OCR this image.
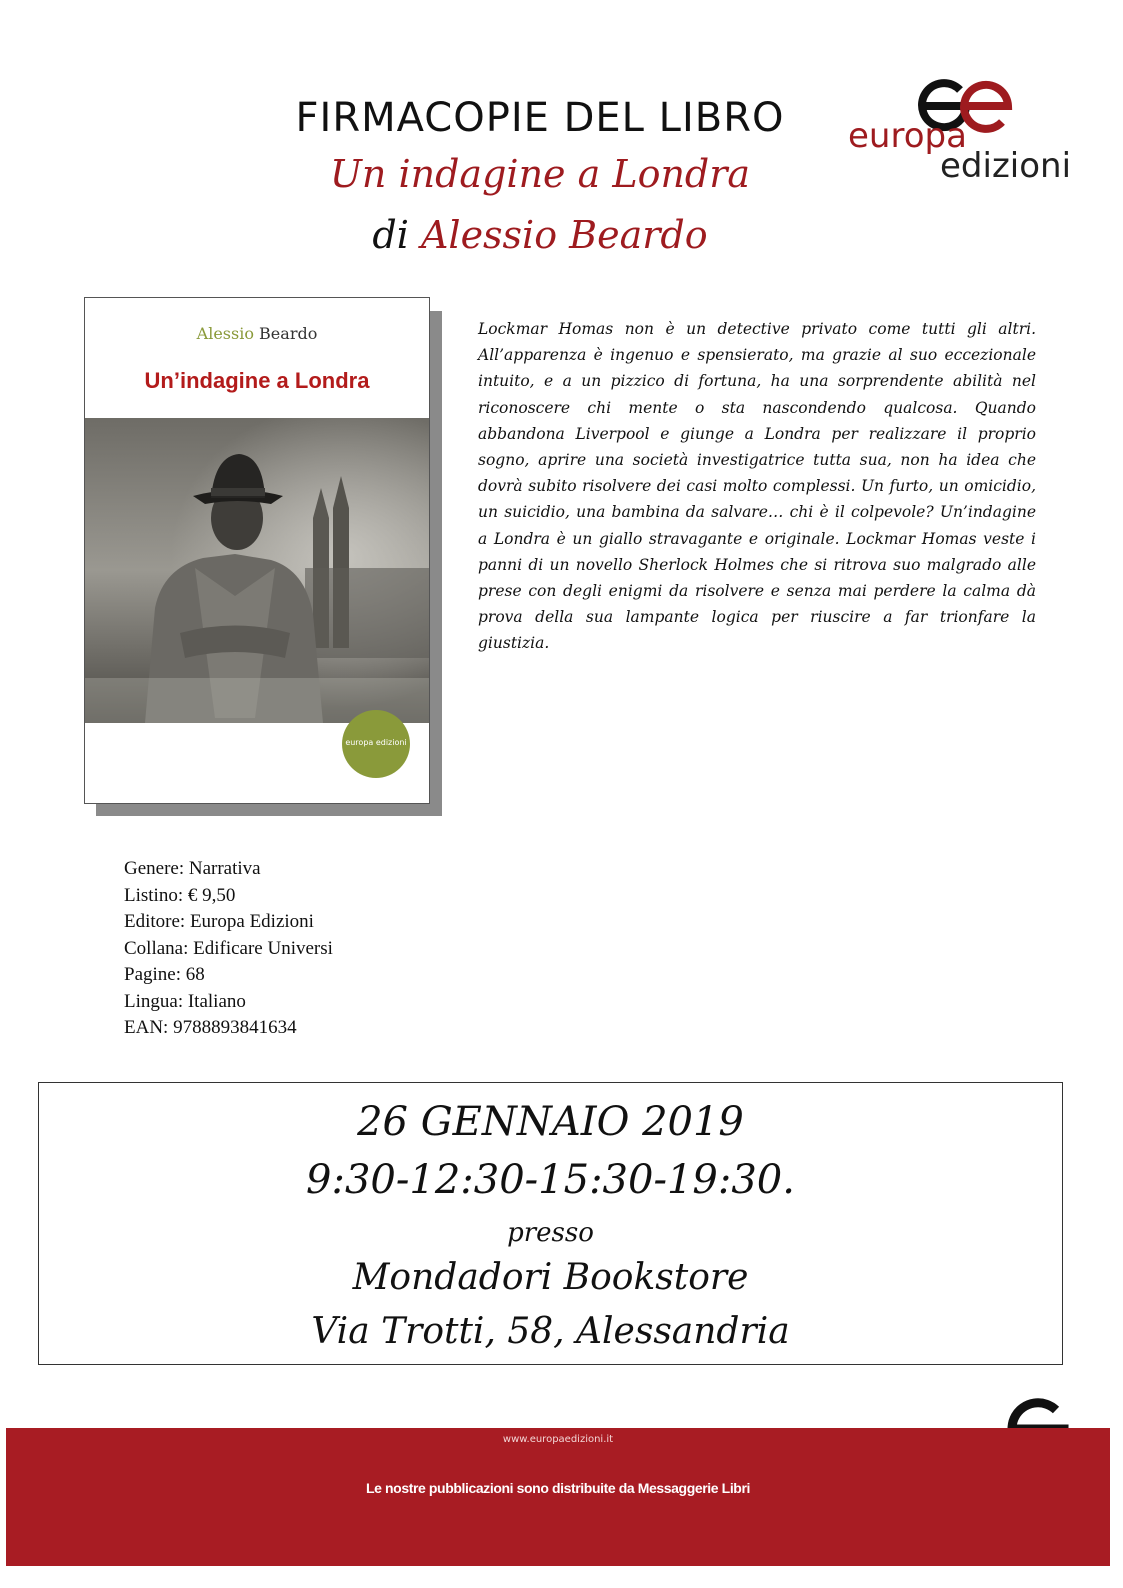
FIRMACOPIE DEL LIBRO
Un indagine a Londra
di Alessio Beardo
europa
edizioni
Alessio Beardo
Un’indagine a Londra
europa edizioni
Lockmar Homas non è un detective privato come tutti gli altri. All’apparenza è ingenuo e spensierato, ma grazie al suo eccezionale intuito, e a un pizzico di fortuna, ha una sorprendente abilità nel riconoscere chi mente o sta nascondendo qualcosa. Quando abbandona Liverpool e giunge a Londra per realizzare il proprio sogno, aprire una società investigatrice tutta sua, non ha idea che dovrà subito risolvere dei casi molto complessi. Un furto, un omicidio, un suicidio, una bambina da salvare… chi è il colpevole? Un’indagine a Londra è un giallo stravagante e originale. Lockmar Homas veste i panni di un novello Sherlock Holmes che si ritrova suo malgrado alle prese con degli enigmi da risolvere e senza mai perdere la calma dà prova della sua lampante logica per riuscire a far trionfare la giustizia.
Genere: Narrativa
Listino: € 9,50
Editore: Europa Edizioni
Collana: Edificare Universi
Pagine: 68
Lingua: Italiano
EAN: 9788893841634
26 GENNAIO 2019
9:30-12:30-15:30-19:30.
presso
Mondadori Bookstore
Via Trotti, 58, Alessandria
www.europaedizioni.it
Le nostre pubblicazioni sono distribuite da Messaggerie Libri
